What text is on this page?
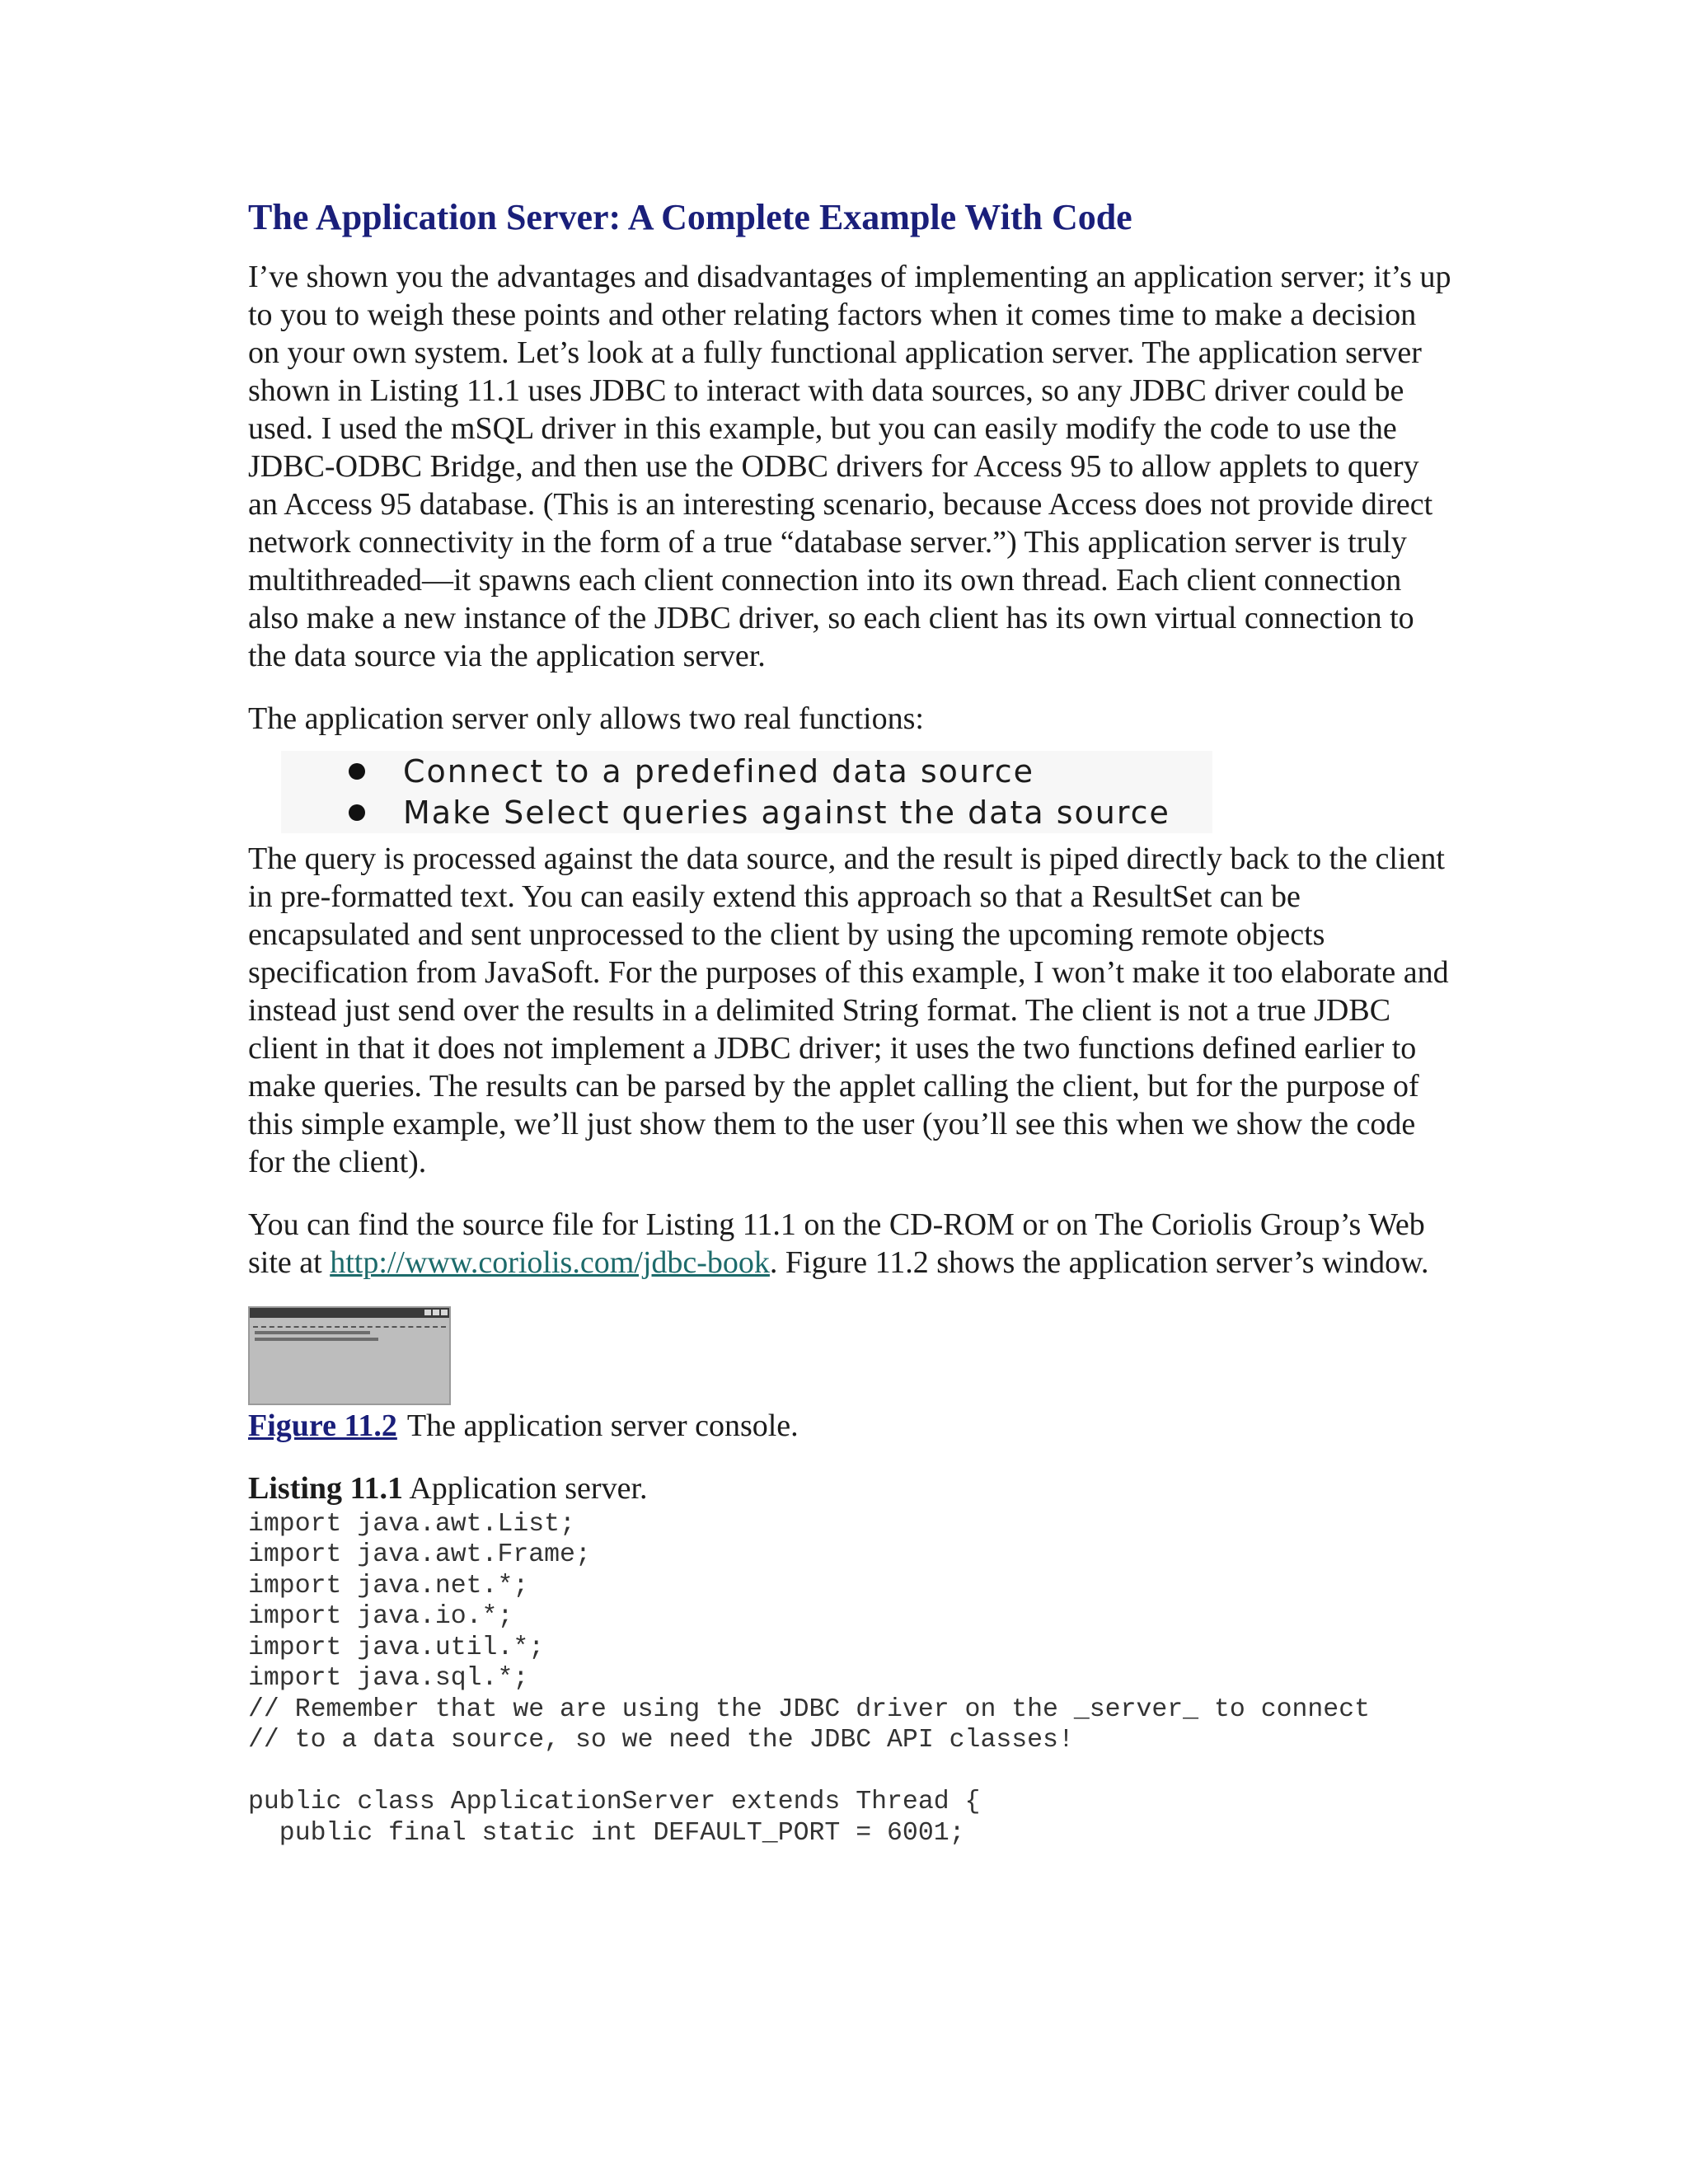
The Application Server: A Complete Example With Code

I’ve shown you the advantages and disadvantages of implementing an application server; it’s up to you to weigh these points and other relating factors when it comes time to make a decision on your own system. Let’s look at a fully functional application server. The application server shown in Listing 11.1 uses JDBC to interact with data sources, so any JDBC driver could be used. I used the mSQL driver in this example, but you can easily modify the code to use the JDBC-ODBC Bridge, and then use the ODBC drivers for Access 95 to allow applets to query an Access 95 database. (This is an interesting scenario, because Access does not provide direct network connectivity in the form of a true “database server.”) This application server is truly multithreaded—it spawns each client connection into its own thread. Each client connection also make a new instance of the JDBC driver, so each client has its own virtual connection to the data source via the application server.

The application server only allows two real functions:

Connect to a predefined data source
Make Select queries against the data source

The query is processed against the data source, and the result is piped directly back to the client in pre-formatted text. You can easily extend this approach so that a ResultSet can be encapsulated and sent unprocessed to the client by using the upcoming remote objects specification from JavaSoft. For the purposes of this example, I won’t make it too elaborate and instead just send over the results in a delimited String format. The client is not a true JDBC client in that it does not implement a JDBC driver; it uses the two functions defined earlier to make queries. The results can be parsed by the applet calling the client, but for the purpose of this simple example, we’ll just show them to the user (you’ll see this when we show the code for the client).

You can find the source file for Listing 11.1 on the CD-ROM or on The Coriolis Group’s Web site at http://www.coriolis.com/jdbc-book. Figure 11.2 shows the application server’s window.

Figure 11.2 The application server console.

Listing 11.1 Application server.

import java.awt.List;
import java.awt.Frame;
import java.net.*;
import java.io.*;
import java.util.*;
import java.sql.*;
// Remember that we are using the JDBC driver on the _server_ to connect
// to a data source, so we need the JDBC API classes!

public class ApplicationServer extends Thread {
public final static int DEFAULT_PORT = 6001;
